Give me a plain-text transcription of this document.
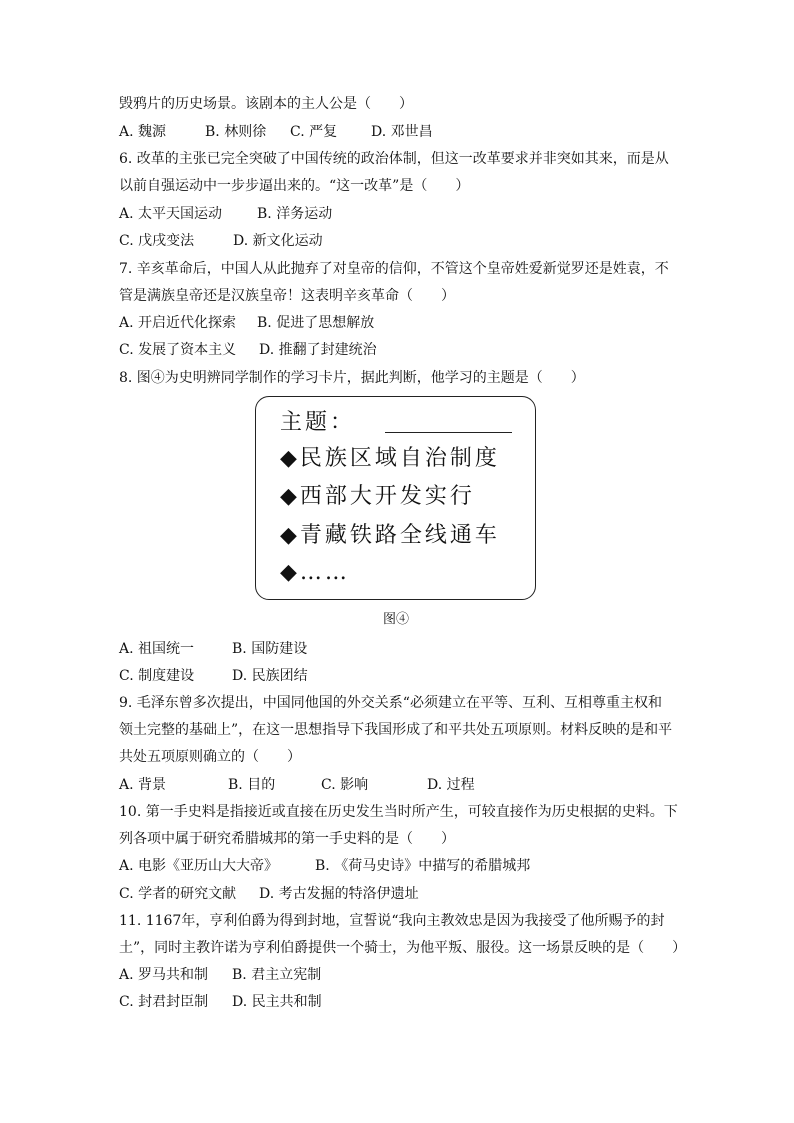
毁鸦片的历史场景。该剧本的主人公是（　　）
A. 魏源	B. 林则徐 C. 严复 D. 邓世昌
6. 改革的主张已完全突破了中国传统的政治体制，但这一改革要求并非突如其来，而是从
以前自强运动中一步步逼出来的。“这一改革”是（　　）
A. 太平天国运动 B. 洋务运动
C. 戊戌变法	D. 新文化运动
7. 辛亥革命后，中国人从此抛弃了对皇帝的信仰，不管这个皇帝姓爱新觉罗还是姓袁，不
管是满族皇帝还是汉族皇帝！这表明辛亥革命（　　）
A. 开启近代化探索 B. 促进了思想解放
C. 发展了资本主义 D. 推翻了封建统治
8. 图④为史明辨同学制作的学习卡片，据此判断，他学习的主题是（　　）
主题：
◆民族区域自治制度
◆西部大开发实行
◆青藏铁路全线通车
◆……
图④
A. 祖国统一	B. 国防建设
C. 制度建设	D. 民族团结
9. 毛泽东曾多次提出，中国同他国的外交关系“必须建立在平等、互利、互相尊重主权和
领土完整的基础上”，在这一思想指导下我国形成了和平共处五项原则。材料反映的是和平
共处五项原则确立的（　　）
A. 背景	B. 目的	C. 影响	D. 过程
10. 第一手史料是指接近或直接在历史发生当时所产生，可较直接作为历史根据的史料。下
列各项中属于研究希腊城邦的第一手史料的是（　　）
A. 电影《亚历山大大帝》	B. 《荷马史诗》中描写的希腊城邦
C. 学者的研究文献 D. 考古发掘的特洛伊遗址
11. 1167年，亨利伯爵为得到封地，宣誓说“我向主教效忠是因为我接受了他所赐予的封
土”，同时主教许诺为亨利伯爵提供一个骑士，为他平叛、服役。这一场景反映的是（　　）
A. 罗马共和制 B. 君主立宪制
C. 封君封臣制 D. 民主共和制
